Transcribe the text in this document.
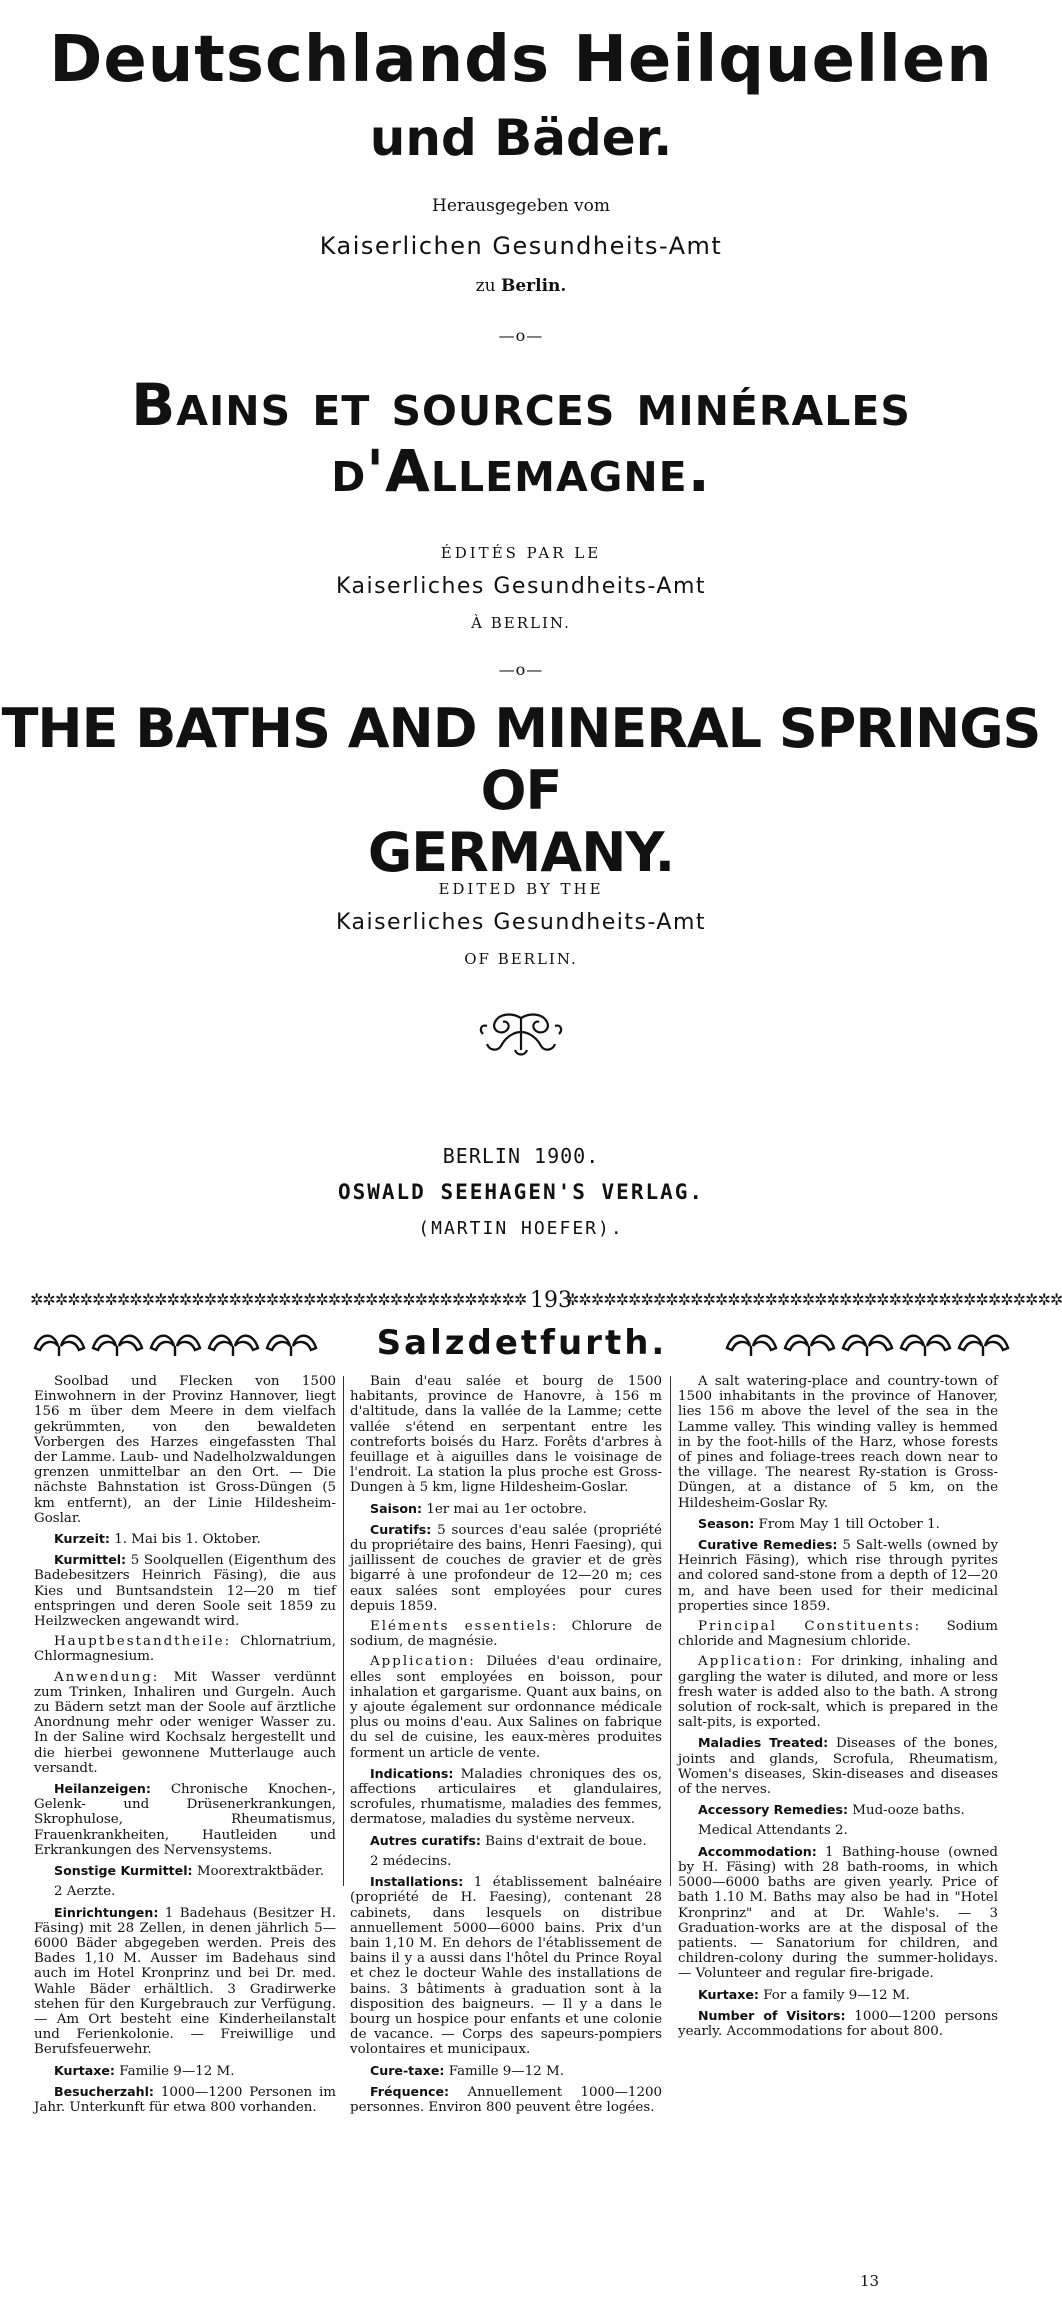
Deutschlands Heilquellen
und Bäder.
Herausgegeben vom
Kaiserlichen Gesundheits-Amt
zu Berlin.
—o—
Bains et sources minérales
d'Allemagne.
ÉDITÉS PAR LE
Kaiserliches Gesundheits-Amt
À BERLIN.
—o—
THE BATHS AND MINERAL SPRINGS OF
GERMANY.
EDITED BY THE
Kaiserliches Gesundheits-Amt
OF BERLIN.
BERLIN 1900.
OSWALD SEEHAGEN'S VERLAG.
(MARTIN HOEFER).
✲✲✲✲✲✲✲✲✲✲✲✲✲✲✲✲✲✲✲✲✲✲✲✲✲✲✲✲✲✲✲✲✲✲✲✲✲✲✲✲ 193
✲✲✲✲✲✲✲✲✲✲✲✲✲✲✲✲✲✲✲✲✲✲✲✲✲✲✲✲✲✲✲✲✲✲✲✲✲✲✲✲
Salzdetfurth.

Soolbad und Flecken von 1500 Einwohnern in der Provinz Hannover, liegt 156 m über dem Meere in dem vielfach gekrümmten, von den bewaldeten Vorbergen des Harzes eingefassten Thal der Lamme. Laub- und Nadelholzwaldungen grenzen unmittelbar an den Ort. — Die nächste Bahnstation ist Gross-Düngen (5 km entfernt), an der Linie Hildesheim-Goslar.

Kurzeit: 1. Mai bis 1. Oktober.

Kurmittel: 5 Soolquellen (Eigenthum des Badebesitzers Heinrich Fäsing), die aus Kies und Buntsandstein 12—20 m tief entspringen und deren Soole seit 1859 zu Heilzwecken angewandt wird.

Hauptbestandtheile: Chlornatrium, Chlormagnesium.

Anwendung: Mit Wasser verdünnt zum Trinken, Inhaliren und Gurgeln. Auch zu Bädern setzt man der Soole auf ärztliche Anordnung mehr oder weniger Wasser zu. In der Saline wird Kochsalz hergestellt und die hierbei gewonnene Mutterlauge auch versandt.

Heilanzeigen: Chronische Knochen-, Gelenk- und Drüsenerkrankungen, Skrophulose, Rheumatismus, Frauenkrankheiten, Hautleiden und Erkrankungen des Nervensystems.

Sonstige Kurmittel: Moorextraktbäder.

2 Aerzte.

Einrichtungen: 1 Badehaus (Besitzer H. Fäsing) mit 28 Zellen, in denen jährlich 5—6000 Bäder abgegeben werden. Preis des Bades 1,10 M. Ausser im Badehaus sind auch im Hotel Kronprinz und bei Dr. med. Wahle Bäder erhältlich. 3 Gradirwerke stehen für den Kurgebrauch zur Verfügung. — Am Ort besteht eine Kinderheilanstalt und Ferienkolonie. — Freiwillige und Berufsfeuerwehr.

Kurtaxe: Familie 9—12 M.

Besucherzahl: 1000—1200 Personen im Jahr. Unterkunft für etwa 800 vorhanden.

Bain d'eau salée et bourg de 1500 habitants, province de Hanovre, à 156 m d'altitude, dans la vallée de la Lamme; cette vallée s'étend en serpentant entre les contreforts boisés du Harz. Forêts d'arbres à feuillage et à aiguilles dans le voisinage de l'endroit. La station la plus proche est Gross-Dungen à 5 km, ligne Hildesheim-Goslar.

Saison: 1er mai au 1er octobre.

Curatifs: 5 sources d'eau salée (propriété du propriétaire des bains, Henri Faesing), qui jaillissent de couches de gravier et de grès bigarré à une profondeur de 12—20 m; ces eaux salées sont employées pour cures depuis 1859.

Eléments essentiels: Chlorure de sodium, de magnésie.

Application: Diluées d'eau ordinaire, elles sont employées en boisson, pour inhalation et gargarisme. Quant aux bains, on y ajoute également sur ordonnance médicale plus ou moins d'eau. Aux Salines on fabrique du sel de cuisine, les eaux-mères produites forment un article de vente.

Indications: Maladies chroniques des os, affections articulaires et glandulaires, scrofules, rhumatisme, maladies des femmes, dermatose, maladies du système nerveux.

Autres curatifs: Bains d'extrait de boue.

2 médecins.

Installations: 1 établissement balnéaire (propriété de H. Faesing), contenant 28 cabinets, dans lesquels on distribue annuellement 5000—6000 bains. Prix d'un bain 1,10 M. En dehors de l'établissement de bains il y a aussi dans l'hôtel du Prince Royal et chez le docteur Wahle des installations de bains. 3 bâtiments à graduation sont à la disposition des baigneurs. — Il y a dans le bourg un hospice pour enfants et une colonie de vacance. — Corps des sapeurs-pompiers volontaires et municipaux.

Cure-taxe: Famille 9—12 M.

Fréquence: Annuellement 1000—1200 personnes. Environ 800 peuvent être logées.

A salt watering-place and country-town of 1500 inhabitants in the province of Hanover, lies 156 m above the level of the sea in the Lamme valley. This winding valley is hemmed in by the foot-hills of the Harz, whose forests of pines and foliage-trees reach down near to the village. The nearest Ry-station is Gross-Düngen, at a distance of 5 km, on the Hildesheim-Goslar Ry.

Season: From May 1 till October 1.

Curative Remedies: 5 Salt-wells (owned by Heinrich Fäsing), which rise through pyrites and colored sand-stone from a depth of 12—20 m, and have been used for their medicinal properties since 1859.

Principal Constituents: Sodium chloride and Magnesium chloride.

Application: For drinking, inhaling and gargling the water is diluted, and more or less fresh water is added also to the bath. A strong solution of rock-salt, which is prepared in the salt-pits, is exported.

Maladies Treated: Diseases of the bones, joints and glands, Scrofula, Rheumatism, Women's diseases, Skin-diseases and diseases of the nerves.

Accessory Remedies: Mud-ooze baths.

Medical Attendants 2.

Accommodation: 1 Bathing-house (owned by H. Fäsing) with 28 bath-rooms, in which 5000—6000 baths are given yearly. Price of bath 1.10 M. Baths may also be had in "Hotel Kronprinz" and at Dr. Wahle's. — 3 Graduation-works are at the disposal of the patients. — Sanatorium for children, and children-colony during the summer-holidays. — Volunteer and regular fire-brigade.

Kurtaxe: For a family 9—12 M.

Number of Visitors: 1000—1200 persons yearly. Accommodations for about 800.

13
